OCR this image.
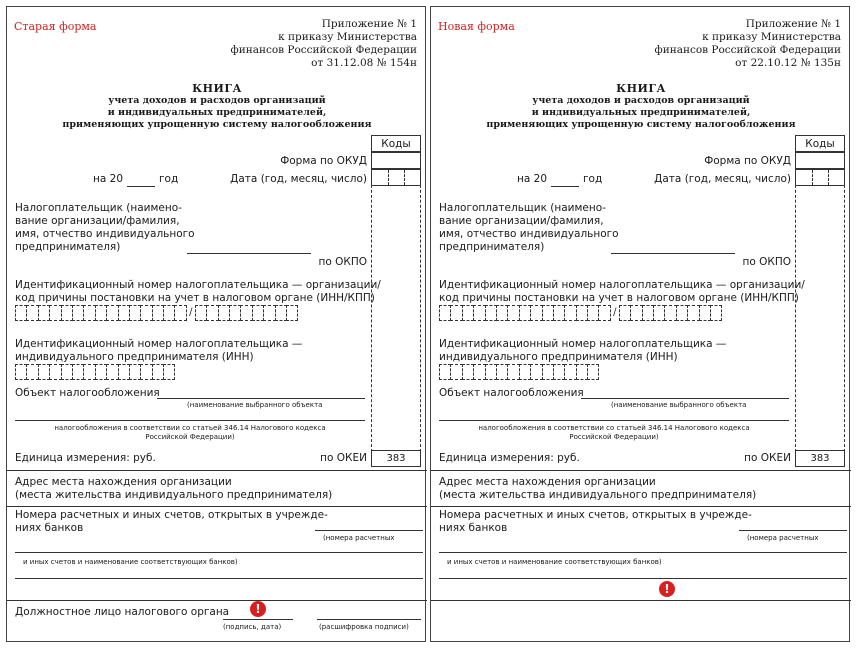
Старая форма	Приложение № 1
к приказу Министерства
финансов Российской Федерации
от 31.12.08 № 154н
КНИГА
учета доходов и расходов организаций
и индивидуальных предпринимателей,
применяющих упрощенную систему налогообложения
Коды
Форма по ОКУД
на 20	год	Дата (год, месяц, число)
Налогоплательщик (наимено-
вание организации/фамилия,
имя, отчество индивидуального
предпринимателя)
по ОКПО
Идентификационный номер налогоплательщика — организации/
код причины постановки на учет в налоговом органе (ИНН/КПП)
/
Идентификационный номер налогоплательщика —
индивидуального предпринимателя (ИНН)
Объект налогообложения
(наименование выбранного объекта
налогообложения в соответствии со статьей 346.14 Налогового кодекса
Российской Федерации)
Единица измерения: руб.	по ОКЕИ	383
Адрес места нахождения организации
(места жительства индивидуального предпринимателя)
Номера расчетных и иных счетов, открытых в учрежде-
ниях банков
(номера расчетных
и иных счетов и наименование соответствующих банков)
Должностное лицо налогового органа
(подпись, дата)	(расшифровка подписи)
!
Новая форма	Приложение № 1
к приказу Министерства
финансов Российской Федерации
от 22.10.12 № 135н
КНИГА
учета доходов и расходов организаций
и индивидуальных предпринимателей,
применяющих упрощенную систему налогообложения
Коды
Форма по ОКУД
на 20	год	Дата (год, месяц, число)
Налогоплательщик (наимено-
вание организации/фамилия,
имя, отчество индивидуального
предпринимателя)
по ОКПО
Идентификационный номер налогоплательщика — организации/
код причины постановки на учет в налоговом органе (ИНН/КПП)
/
Идентификационный номер налогоплательщика —
индивидуального предпринимателя (ИНН)
Объект налогообложения
(наименование выбранного объекта
налогообложения в соответствии со статьей 346.14 Налогового кодекса
Российской Федерации)
Единица измерения: руб.	по ОКЕИ	383
Адрес места нахождения организации
(места жительства индивидуального предпринимателя)
Номера расчетных и иных счетов, открытых в учрежде-
ниях банков
(номера расчетных
и иных счетов и наименование соответствующих банков)
!
